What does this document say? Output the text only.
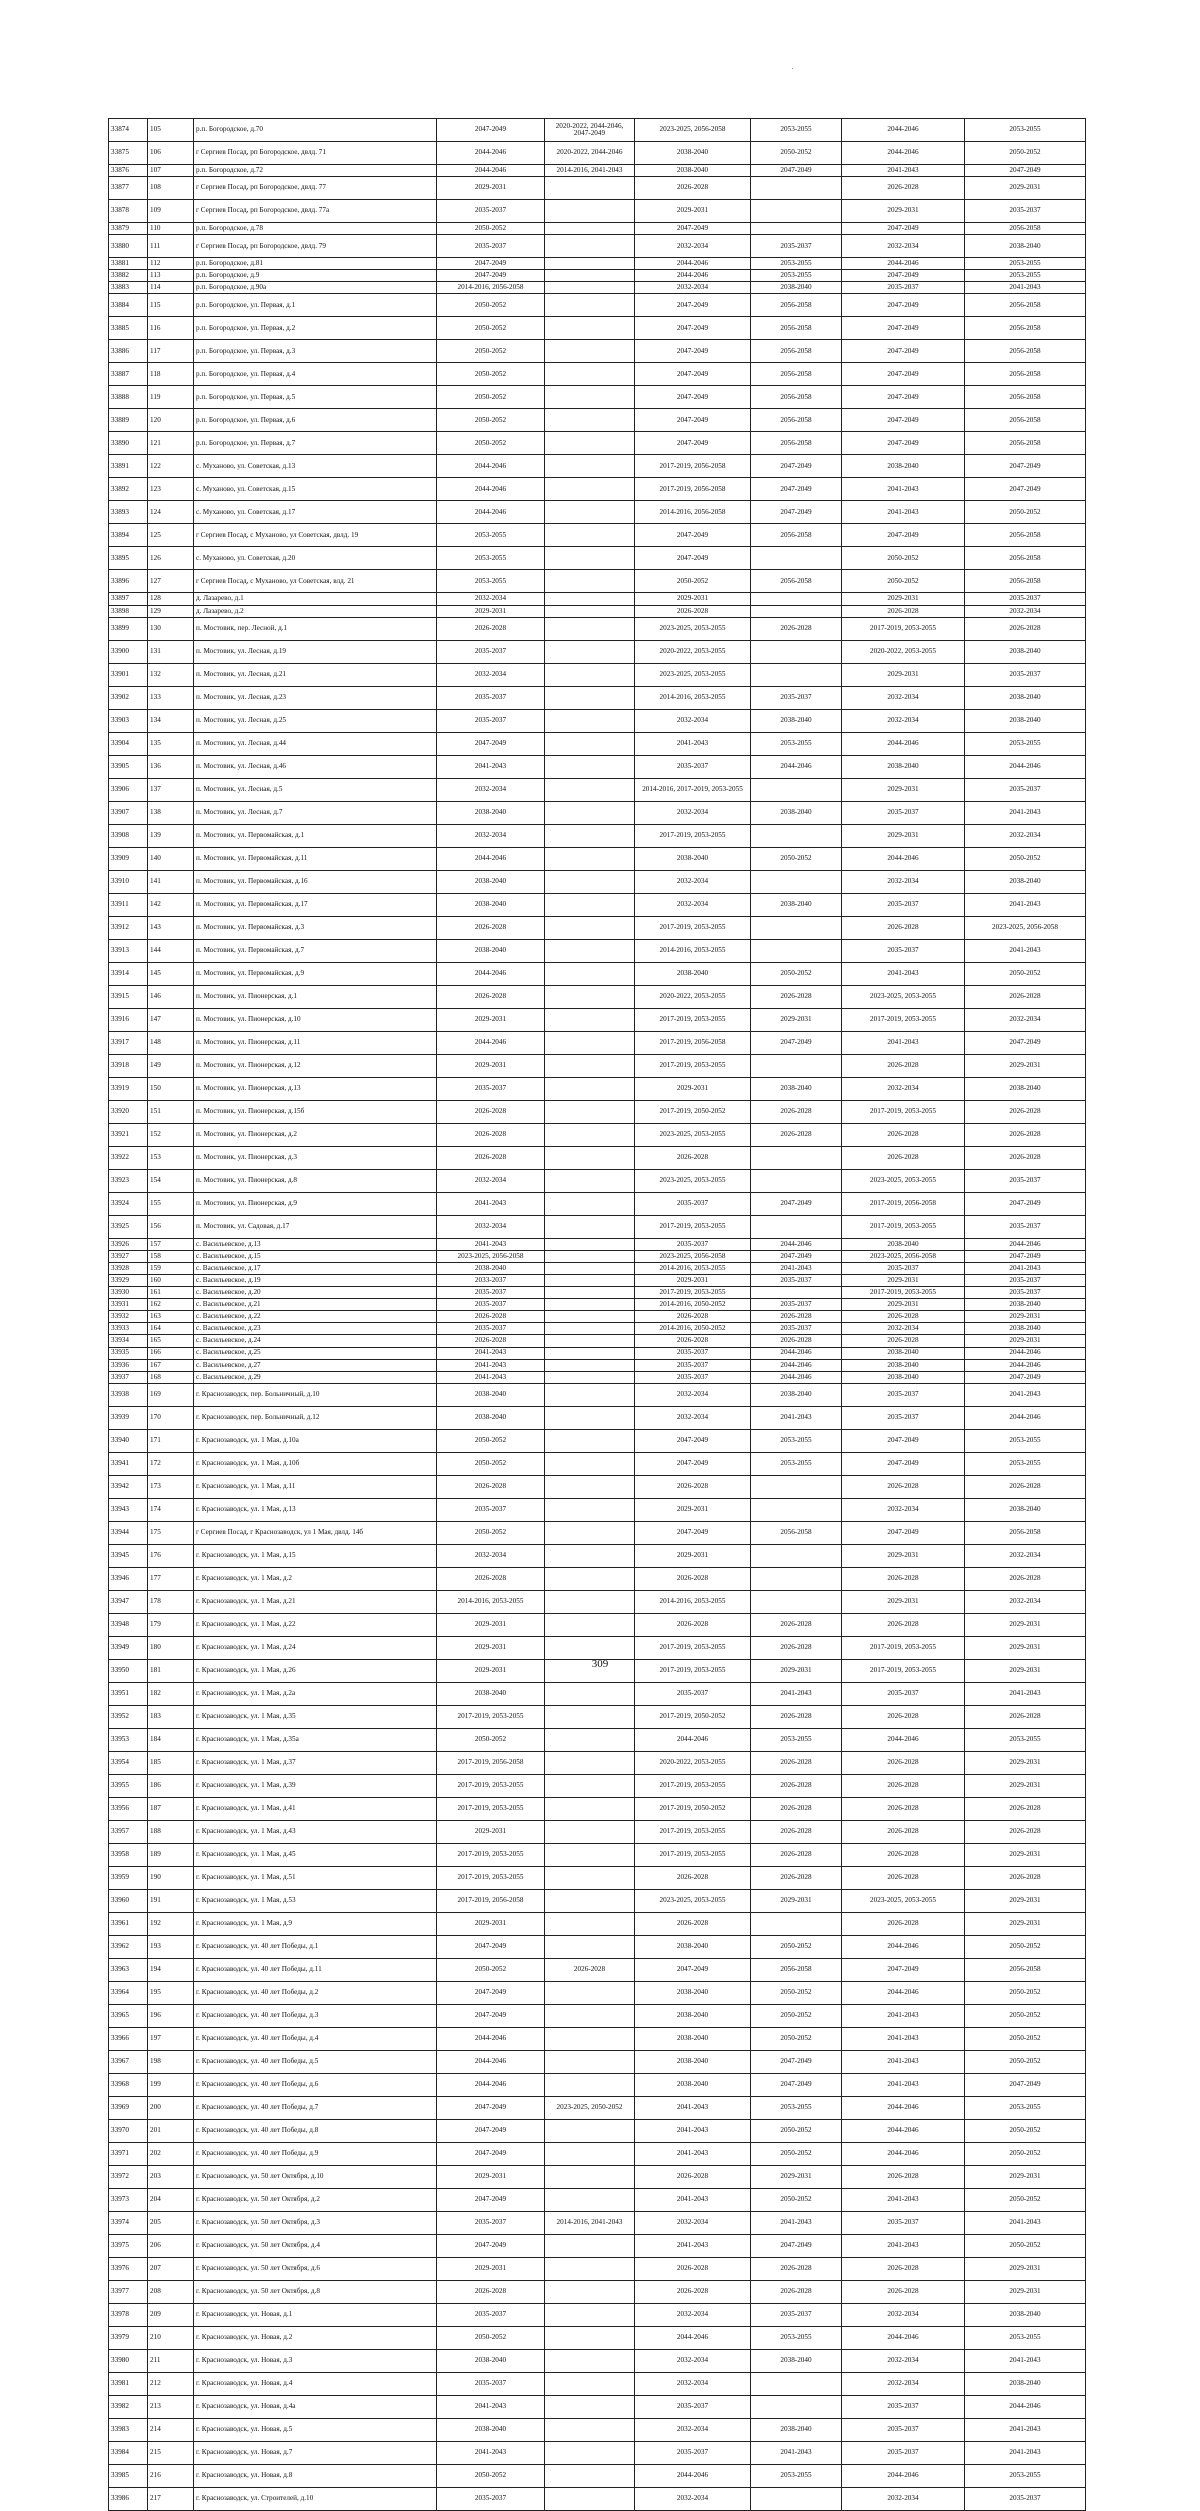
33874	105	р.п. Богородское, д.70	2047-2049	2020-2022, 2044-2046, 2047-2049	2023-2025, 2056-2058	2053-2055	2044-2046	2053-2055
33875	106	г Сергиев Посад, рп Богородское, двлд. 71	2044-2046	2020-2022, 2044-2046	2038-2040	2050-2052	2044-2046	2050-2052
33876	107	р.п. Богородское, д.72	2044-2046	2014-2016, 2041-2043	2038-2040	2047-2049	2041-2043	2047-2049
33877	108	г Сергиев Посад, рп Богородское, двлд. 77	2029-2031		2026-2028		2026-2028	2029-2031
33878	109	г Сергиев Посад, рп Богородское, двлд. 77а	2035-2037		2029-2031		2029-2031	2035-2037
33879	110	р.п. Богородское, д.78	2050-2052		2047-2049		2047-2049	2056-2058
33880	111	г Сергиев Посад, рп Богородское, двлд. 79	2035-2037		2032-2034	2035-2037	2032-2034	2038-2040
33881	112	р.п. Богородское, д.81	2047-2049		2044-2046	2053-2055	2044-2046	2053-2055
33882	113	р.п. Богородское, д.9	2047-2049		2044-2046	2053-2055	2047-2049	2053-2055
33883	114	р.п. Богородское, д.90а	2014-2016, 2056-2058		2032-2034	2038-2040	2035-2037	2041-2043
33884	115	р.п. Богородское, ул. Первая, д.1	2050-2052		2047-2049	2056-2058	2047-2049	2056-2058
33885	116	р.п. Богородское, ул. Первая, д.2	2050-2052		2047-2049	2056-2058	2047-2049	2056-2058
33886	117	р.п. Богородское, ул. Первая, д.3	2050-2052		2047-2049	2056-2058	2047-2049	2056-2058
33887	118	р.п. Богородское, ул. Первая, д.4	2050-2052		2047-2049	2056-2058	2047-2049	2056-2058
33888	119	р.п. Богородское, ул. Первая, д.5	2050-2052		2047-2049	2056-2058	2047-2049	2056-2058
33889	120	р.п. Богородское, ул. Первая, д.6	2050-2052		2047-2049	2056-2058	2047-2049	2056-2058
33890	121	р.п. Богородское, ул. Первая, д.7	2050-2052		2047-2049	2056-2058	2047-2049	2056-2058
33891	122	с. Муханово, ул. Советская, д.13	2044-2046		2017-2019, 2056-2058	2047-2049	2038-2040	2047-2049
33892	123	с. Муханово, ул. Советская, д.15	2044-2046		2017-2019, 2056-2058	2047-2049	2041-2043	2047-2049
33893	124	с. Муханово, ул. Советская, д.17	2044-2046		2014-2016, 2056-2058	2047-2049	2041-2043	2050-2052
33894	125	г Сергиев Посад, с Муханово, ул Советская, двлд. 19	2053-2055		2047-2049	2056-2058	2047-2049	2056-2058
33895	126	с. Муханово, ул. Советская, д.20	2053-2055		2047-2049		2050-2052	2056-2058
33896	127	г Сергиев Посад, с Муханово, ул Советская, влд. 21	2053-2055		2050-2052	2056-2058	2050-2052	2056-2058
33897	128	д. Лазарево, д.1	2032-2034		2029-2031		2029-2031	2035-2037
33898	129	д. Лазарево, д.2	2029-2031		2026-2028		2026-2028	2032-2034
33899	130	п. Мостовик, пер. Лесной, д.1	2026-2028		2023-2025, 2053-2055	2026-2028	2017-2019, 2053-2055	2026-2028
33900	131	п. Мостовик, ул. Лесная, д.19	2035-2037		2020-2022, 2053-2055		2020-2022, 2053-2055	2038-2040
33901	132	п. Мостовик, ул. Лесная, д.21	2032-2034		2023-2025, 2053-2055		2029-2031	2035-2037
33902	133	п. Мостовик, ул. Лесная, д.23	2035-2037		2014-2016, 2053-2055	2035-2037	2032-2034	2038-2040
33903	134	п. Мостовик, ул. Лесная, д.25	2035-2037		2032-2034	2038-2040	2032-2034	2038-2040
33904	135	п. Мостовик, ул. Лесная, д.44	2047-2049		2041-2043	2053-2055	2044-2046	2053-2055
33905	136	п. Мостовик, ул. Лесная, д.46	2041-2043		2035-2037	2044-2046	2038-2040	2044-2046
33906	137	п. Мостовик, ул. Лесная, д.5	2032-2034		2014-2016, 2017-2019, 2053-2055		2029-2031	2035-2037
33907	138	п. Мостовик, ул. Лесная, д.7	2038-2040		2032-2034	2038-2040	2035-2037	2041-2043
33908	139	п. Мостовик, ул. Первомайская, д.1	2032-2034		2017-2019, 2053-2055		2029-2031	2032-2034
33909	140	п. Мостовик, ул. Первомайская, д.11	2044-2046		2038-2040	2050-2052	2044-2046	2050-2052
33910	141	п. Мостовик, ул. Первомайская, д.16	2038-2040		2032-2034		2032-2034	2038-2040
33911	142	п. Мостовик, ул. Первомайская, д.17	2038-2040		2032-2034	2038-2040	2035-2037	2041-2043
33912	143	п. Мостовик, ул. Первомайская, д.3	2026-2028		2017-2019, 2053-2055		2026-2028	2023-2025, 2056-2058
33913	144	п. Мостовик, ул. Первомайская, д.7	2038-2040		2014-2016, 2053-2055		2035-2037	2041-2043
33914	145	п. Мостовик, ул. Первомайская, д.9	2044-2046		2038-2040	2050-2052	2041-2043	2050-2052
33915	146	п. Мостовик, ул. Пионерская, д.1	2026-2028		2020-2022, 2053-2055	2026-2028	2023-2025, 2053-2055	2026-2028
33916	147	п. Мостовик, ул. Пионерская, д.10	2029-2031		2017-2019, 2053-2055	2029-2031	2017-2019, 2053-2055	2032-2034
33917	148	п. Мостовик, ул. Пионерская, д.11	2044-2046		2017-2019, 2056-2058	2047-2049	2041-2043	2047-2049
33918	149	п. Мостовик, ул. Пионерская, д.12	2029-2031		2017-2019, 2053-2055		2026-2028	2029-2031
33919	150	п. Мостовик, ул. Пионерская, д.13	2035-2037		2029-2031	2038-2040	2032-2034	2038-2040
33920	151	п. Мостовик, ул. Пионерская, д.15б	2026-2028		2017-2019, 2050-2052	2026-2028	2017-2019, 2053-2055	2026-2028
33921	152	п. Мостовик, ул. Пионерская, д.2	2026-2028		2023-2025, 2053-2055	2026-2028	2026-2028	2026-2028
33922	153	п. Мостовик, ул. Пионерская, д.3	2026-2028		2026-2028		2026-2028	2026-2028
33923	154	п. Мостовик, ул. Пионерская, д.8	2032-2034		2023-2025, 2053-2055		2023-2025, 2053-2055	2035-2037
33924	155	п. Мостовик, ул. Пионерская, д.9	2041-2043		2035-2037	2047-2049	2017-2019, 2056-2058	2047-2049
33925	156	п. Мостовик, ул. Садовая, д.17	2032-2034		2017-2019, 2053-2055		2017-2019, 2053-2055	2035-2037
33926	157	с. Васильевское, д.13	2041-2043		2035-2037	2044-2046	2038-2040	2044-2046
33927	158	с. Васильевское, д.15	2023-2025, 2056-2058		2023-2025, 2056-2058	2047-2049	2023-2025, 2056-2058	2047-2049
33928	159	с. Васильевское, д.17	2038-2040		2014-2016, 2053-2055	2041-2043	2035-2037	2041-2043
33929	160	с. Васильевское, д.19	2033-2037		2029-2031	2035-2037	2029-2031	2035-2037
33930	161	с. Васильевское, д.20	2035-2037		2017-2019, 2053-2055		2017-2019, 2053-2055	2035-2037
33931	162	с. Васильевское, д.21	2035-2037		2014-2016, 2050-2052	2035-2037	2029-2031	2038-2040
33932	163	с. Васильевское, д.22	2026-2028		2026-2028	2026-2028	2026-2028	2029-2031
33933	164	с. Васильевское, д.23	2035-2037		2014-2016, 2050-2052	2035-2037	2032-2034	2038-2040
33934	165	с. Васильевское, д.24	2026-2028		2026-2028	2026-2028	2026-2028	2029-2031
33935	166	с. Васильевское, д.25	2041-2043		2035-2037	2044-2046	2038-2040	2044-2046
33936	167	с. Васильевское, д.27	2041-2043		2035-2037	2044-2046	2038-2040	2044-2046
33937	168	с. Васильевское, д.29	2041-2043		2035-2037	2044-2046	2038-2040	2047-2049
33938	169	г. Краснозаводск, пер. Больничный, д.10	2038-2040		2032-2034	2038-2040	2035-2037	2041-2043
33939	170	г. Краснозаводск, пер. Больничный, д.12	2038-2040		2032-2034	2041-2043	2035-2037	2044-2046
33940	171	г. Краснозаводск, ул. 1 Мая, д.10а	2050-2052		2047-2049	2053-2055	2047-2049	2053-2055
33941	172	г. Краснозаводск, ул. 1 Мая, д.10б	2050-2052		2047-2049	2053-2055	2047-2049	2053-2055
33942	173	г. Краснозаводск, ул. 1 Мая, д.11	2026-2028		2026-2028		2026-2028	2026-2028
33943	174	г. Краснозаводск, ул. 1 Мая, д.13	2035-2037		2029-2031		2032-2034	2038-2040
33944	175	г Сергиев Посад, г Краснозаводск, ул 1 Мая, двлд. 14б	2050-2052		2047-2049	2056-2058	2047-2049	2056-2058
33945	176	г. Краснозаводск, ул. 1 Мая, д.15	2032-2034		2029-2031		2029-2031	2032-2034
33946	177	г. Краснозаводск, ул. 1 Мая, д.2	2026-2028		2026-2028		2026-2028	2026-2028
33947	178	г. Краснозаводск, ул. 1 Мая, д.21	2014-2016, 2053-2055		2014-2016, 2053-2055		2029-2031	2032-2034
33948	179	г. Краснозаводск, ул. 1 Мая, д.22	2029-2031		2026-2028	2026-2028	2026-2028	2029-2031
33949	180	г. Краснозаводск, ул. 1 Мая, д.24	2029-2031		2017-2019, 2053-2055	2026-2028	2017-2019, 2053-2055	2029-2031
33950	181	г. Краснозаводск, ул. 1 Мая, д.26	2029-2031		2017-2019, 2053-2055	2029-2031	2017-2019, 2053-2055	2029-2031
33951	182	г. Краснозаводск, ул. 1 Мая, д.2а	2038-2040		2035-2037	2041-2043	2035-2037	2041-2043
33952	183	г. Краснозаводск, ул. 1 Мая, д.35	2017-2019, 2053-2055		2017-2019, 2050-2052	2026-2028	2026-2028	2026-2028
33953	184	г. Краснозаводск, ул. 1 Мая, д.35а	2050-2052		2044-2046	2053-2055	2044-2046	2053-2055
33954	185	г. Краснозаводск, ул. 1 Мая, д.37	2017-2019, 2056-2058		2020-2022, 2053-2055	2026-2028	2026-2028	2029-2031
33955	186	г. Краснозаводск, ул. 1 Мая, д.39	2017-2019, 2053-2055		2017-2019, 2053-2055	2026-2028	2026-2028	2029-2031
33956	187	г. Краснозаводск, ул. 1 Мая, д.41	2017-2019, 2053-2055		2017-2019, 2050-2052	2026-2028	2026-2028	2026-2028
33957	188	г. Краснозаводск, ул. 1 Мая, д.43	2029-2031		2017-2019, 2053-2055	2026-2028	2026-2028	2026-2028
33958	189	г. Краснозаводск, ул. 1 Мая, д.45	2017-2019, 2053-2055		2017-2019, 2053-2055	2026-2028	2026-2028	2029-2031
33959	190	г. Краснозаводск, ул. 1 Мая, д.51	2017-2019, 2053-2055		2026-2028	2026-2028	2026-2028	2026-2028
33960	191	г. Краснозаводск, ул. 1 Мая, д.53	2017-2019, 2056-2058		2023-2025, 2053-2055	2029-2031	2023-2025, 2053-2055	2029-2031
33961	192	г. Краснозаводск, ул. 1 Мая, д.9	2029-2031		2026-2028		2026-2028	2029-2031
33962	193	г. Краснозаводск, ул. 40 лет Победы, д.1	2047-2049		2038-2040	2050-2052	2044-2046	2050-2052
33963	194	г. Краснозаводск, ул. 40 лет Победы, д.11	2050-2052	2026-2028	2047-2049	2056-2058	2047-2049	2056-2058
33964	195	г. Краснозаводск, ул. 40 лет Победы, д.2	2047-2049		2038-2040	2050-2052	2044-2046	2050-2052
33965	196	г. Краснозаводск, ул. 40 лет Победы, д.3	2047-2049		2038-2040	2050-2052	2041-2043	2050-2052
33966	197	г. Краснозаводск, ул. 40 лет Победы, д.4	2044-2046		2038-2040	2050-2052	2041-2043	2050-2052
33967	198	г. Краснозаводск, ул. 40 лет Победы, д.5	2044-2046		2038-2040	2047-2049	2041-2043	2050-2052
33968	199	г. Краснозаводск, ул. 40 лет Победы, д.6	2044-2046		2038-2040	2047-2049	2041-2043	2047-2049
33969	200	г. Краснозаводск, ул. 40 лет Победы, д.7	2047-2049	2023-2025, 2050-2052	2041-2043	2053-2055	2044-2046	2053-2055
33970	201	г. Краснозаводск, ул. 40 лет Победы, д.8	2047-2049		2041-2043	2050-2052	2044-2046	2050-2052
33971	202	г. Краснозаводск, ул. 40 лет Победы, д.9	2047-2049		2041-2043	2050-2052	2044-2046	2050-2052
33972	203	г. Краснозаводск, ул. 50 лет Октября, д.10	2029-2031		2026-2028	2029-2031	2026-2028	2029-2031
33973	204	г. Краснозаводск, ул. 50 лет Октября, д.2	2047-2049		2041-2043	2050-2052	2041-2043	2050-2052
33974	205	г. Краснозаводск, ул. 50 лет Октября, д.3	2035-2037	2014-2016, 2041-2043	2032-2034	2041-2043	2035-2037	2041-2043
33975	206	г. Краснозаводск, ул. 50 лет Октября, д.4	2047-2049		2041-2043	2047-2049	2041-2043	2050-2052
33976	207	г. Краснозаводск, ул. 50 лет Октября, д.6	2029-2031		2026-2028	2026-2028	2026-2028	2029-2031
33977	208	г. Краснозаводск, ул. 50 лет Октября, д.8	2026-2028		2026-2028	2026-2028	2026-2028	2029-2031
33978	209	г. Краснозаводск, ул. Новая, д.1	2035-2037		2032-2034	2035-2037	2032-2034	2038-2040
33979	210	г. Краснозаводск, ул. Новая, д.2	2050-2052		2044-2046	2053-2055	2044-2046	2053-2055
33980	211	г. Краснозаводск, ул. Новая, д.3	2038-2040		2032-2034	2038-2040	2032-2034	2041-2043
33981	212	г. Краснозаводск, ул. Новая, д.4	2035-2037		2032-2034		2032-2034	2038-2040
33982	213	г. Краснозаводск, ул. Новая, д.4а	2041-2043		2035-2037		2035-2037	2044-2046
33983	214	г. Краснозаводск, ул. Новая, д.5	2038-2040		2032-2034	2038-2040	2035-2037	2041-2043
33984	215	г. Краснозаводск, ул. Новая, д.7	2041-2043		2035-2037	2041-2043	2035-2037	2041-2043
33985	216	г. Краснозаводск, ул. Новая, д.8	2050-2052		2044-2046	2053-2055	2044-2046	2053-2055
33986	217	г. Краснозаводск, ул. Строителей, д.10	2035-2037		2032-2034		2032-2034	2035-2037
309
